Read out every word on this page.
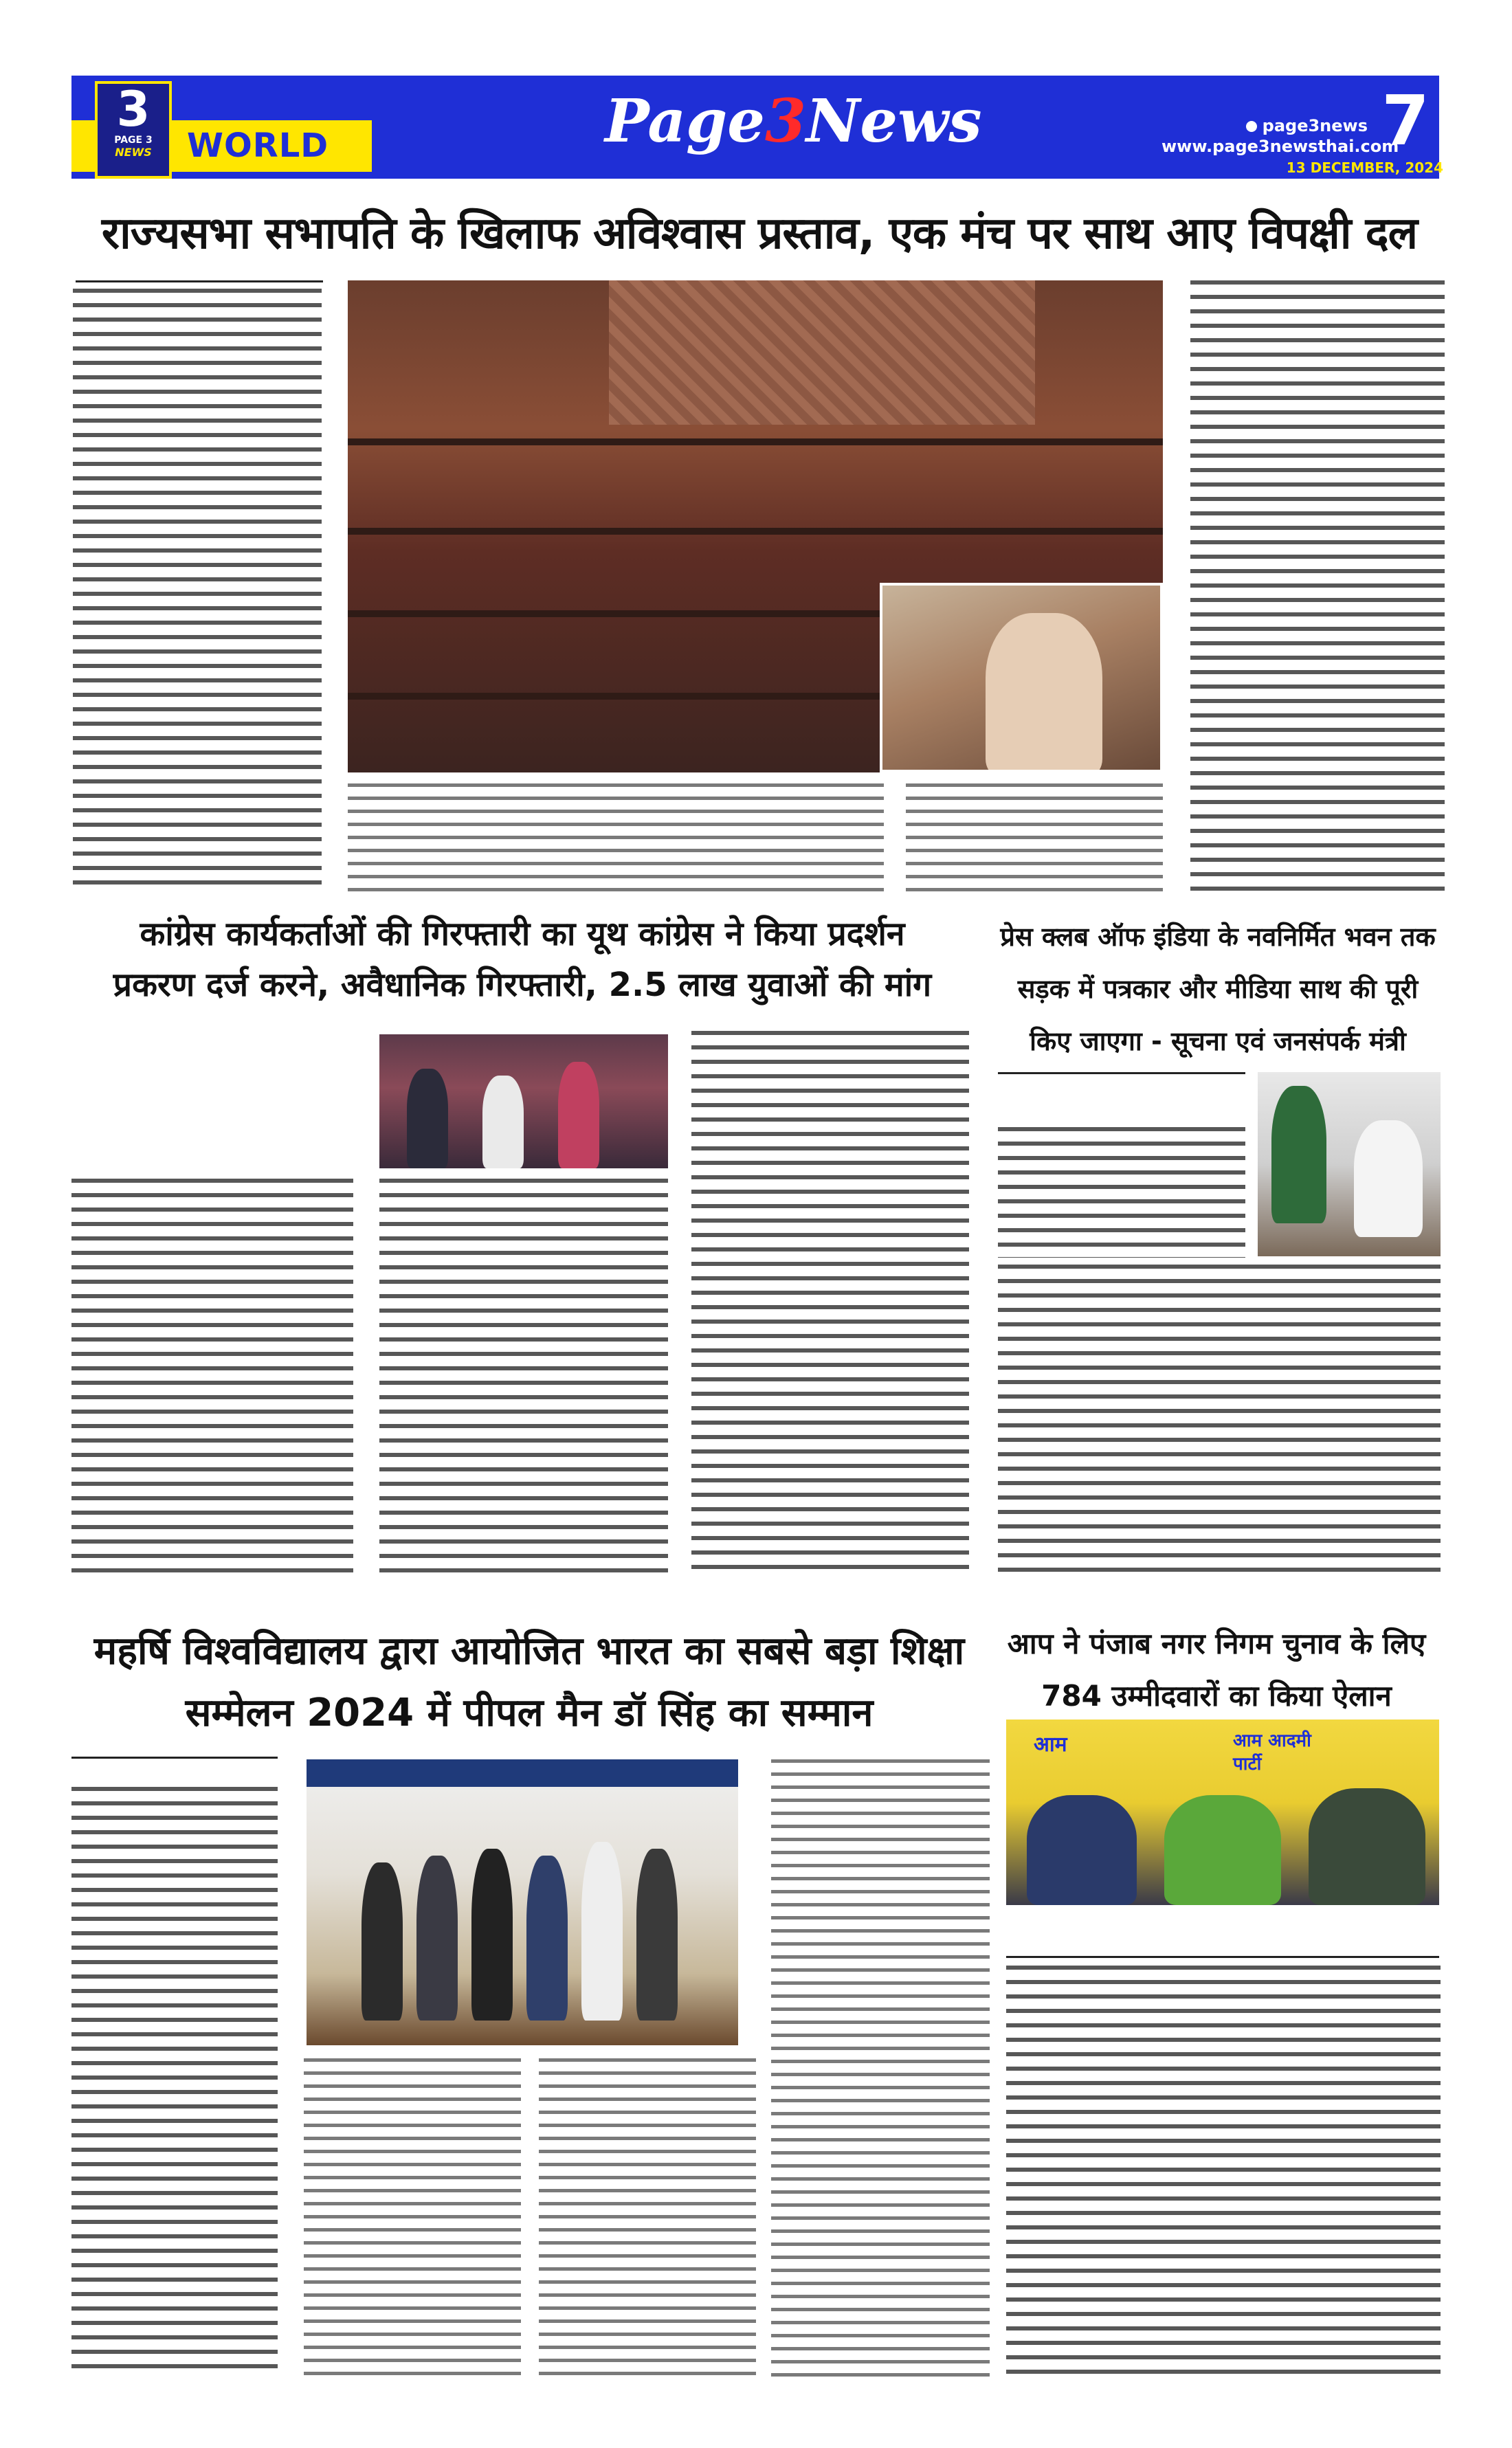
3
PAGE 3
NEWS	WORLD	Page3News	page3news
www.page3newsthai.com
13 DECEMBER, 2024
7
राज्यसभा सभापति के खिलाफ अविश्वास प्रस्ताव, एक मंच पर साथ आए विपक्षी दल
कांग्रेस कार्यकर्ताओं की गिरफ्तारी का यूथ कांग्रेस ने किया प्रदर्शन
प्रकरण दर्ज करने, अवैधानिक गिरफ्तारी, 2.5 लाख युवाओं की मांग
प्रेस क्लब ऑफ इंडिया के नवनिर्मित भवन तक सड़क में पत्रकार और मीडिया साथ की पूरी किए जाएगा - सूचना एवं जनसंपर्क मंत्री
महर्षि विश्वविद्यालय द्वारा आयोजित भारत का सबसे बड़ा शिक्षा सम्मेलन 2024 में पीपल मैन डॉ सिंह का सम्मान
आप ने पंजाब नगर निगम चुनाव के लिए 784 उम्मीदवारों का किया ऐलान
आम	आम आदमी पार्टी
